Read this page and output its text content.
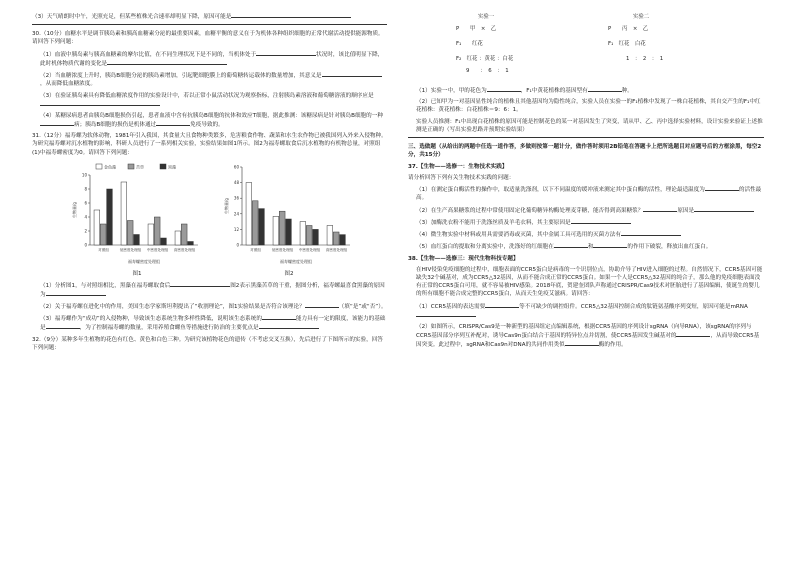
（3）天气晴朗时中午，光照充足，但某些植株光合速率却明显下降，原因可能是

30.（10分）血糖水平是调节胰岛素和胰高血糖素分泌的最重要因素，血糖平衡的意义在于为机体各种组织细胞的正常代谢活动提供能源物质。请回答下列问题：

（1）血液中胰岛素与胰高血糖素的摩尔比值，在不同生理状况下是不同的，当机体处于	状况时，该比值明显下降，此时机体物质代谢的变化是

（2）当血糖浓度上升时，胰岛B细胞分泌的胰岛素增加，引起靶细胞膜上的葡萄糖转运载体的数量增加，其意义是，从而降低血糖浓度。

（3）在验证胰岛素具有降低血糖浓度作用的实验设计中，若以正常小鼠活动状况为观察指标，注射胰岛素溶液和葡萄糖溶液的顺序应是

（4）某糖尿病患者由胰岛B细胞损伤引起，患者血液中含有抗胰岛B细胞的抗体和效应T细胞，据此推测：该糖尿病是针对胰岛B细胞的一种病；胰岛B细胞的损伤是机体通过	免疫导致的。

31.（12分）福寿螺为软体动物，1981年引入我国，其食量大且食物种类繁多，危害粮食作物、蔬菜和水生农作物已被我国列入外来入侵物种。为研究福寿螺对沉水植物的影响，科研人员进行了一系列相关实验，实验结果如图1所示。图2为福寿螺取食后沉水植物的有机物总量，对照组(1)中福寿螺密度为0。请回答下列问题：

0
2
4
6
8
10
生物量/g
对照组	低密度处理组 中密度处理组 高密度处理组
福寿螺密度处理组
金鱼藻	苦草	黑藻
图1
0
12
24
36
48
60
生物量/g
对照组	低密度处理组 中密度处理组 高密度处理组
福寿螺密度处理组
图2

（1）分析图1，与对照组相比，黑藻在福寿螺取食后	图2表示黑藻苦草的干重，据图分析，福寿螺最喜食黑藻的原因为

（2）关于福寿螺在进化中的作用，美国生态学家斯坦利提出了“收割理论”，图1实验结果是否符合该理论？	（填“是”或“否”）。

（3）福寿螺作为“成功”的入侵物种，导致该生态系统生物多样性降低，说明该生态系统的	能力具有一定的限度，该能力的基础是	，为了控制福寿螺的数量，采用养殖食螺鱼等措施进行防治的主要优点是

32.（9分）某种多年生植物的花色有红色、黄色和白色三种。为研究该植物花色的遗传（不考虑交叉互换），先后进行了下图所示的实验，回答下列问题：

实验一	实验二
P　　甲　×　乙	P　　丙　×　乙
F₁　　红花	F₁　红花　白花
F₂　红花 ：黄花 ：白花
9　　：　6　：　1
1　：　2　：　1

（1）实验一中，甲的花色为	，F₁中黄花植株的基因型有	种。

（2）已知甲为一对基因显性纯合的植株且其他基因均为隐性纯合，实验人员在实验一的F₁植株中发现了一株白花植株，其自交产生的F₁中红花植株：黄花植株：白花植株＝9：6：1。

实验人员推测：F₁中出现白花植株的原因可能是控制花色的某一对基因发生了突变，请从甲、乙、丙中选择实验材料，设计实验来验证上述推测是正确的（写出实验思路并预期实验结果）

三、选做题（从给出的两题中任选一道作答，多做则按第一题计分，做作答时须用2B铅笔在答题卡上把所选题目对应题号后的方框涂黑，每空2分，共15分）

37.【生物——选修一：生物技术实践】

请分析回答下列有关生物技术实践的问题：

（1）在测定蛋白酶活性的操作中，取适量洗涤剂，以下不同温度的缓冲液来测定其中蛋白酶的活性，理论最适温度为	的活性最高。

（2）在生产高果糖浆的过程中常使用固定化葡萄糖异构酶处理麦芽糖，能否得到高果糖浆？	原因是

（3）加酶洗衣粉不能用于洗涤丝质及羊毛衣料，其主要原因是

（4）微生物实验中材料或用具需要消毒或灭菌，其中金属工具可选用的灭菌方法有

（5）血红蛋白的提取和分离实验中，洗涤好的红细胞在	和	的作用下破裂，释放出血红蛋白。

38.【生物——选修三：现代生物科技专题】

在HIV侵染免疫细胞的过程中，细胞表面的CCR5蛋白是病毒的一个识别位点，协助介导了HIV进入细胞的过程。自然情况下，CCR5基因可能缺失32个碱基对，成为CCR5△32基因，从而不能合成正常的CCR5蛋白。如果一个人是CCR5△32基因的纯合子，那么他的免疫细胞表面没有正常的CCR5蛋白可用，就不容易被HIV感染。2018年底，贺建奎团队声称通过CRISPR/Cas9技术对胚胎进行了基因编辑，使诞生的婴儿的所有细胞不能合成完整的CCR5蛋白，从而天生免疫艾滋病。请回答：

（1）CCR5基因的表达需要	等不可缺少的调控组件。CCR5△32基因控制合成的肽链氨基酸序列变短，原因可能是mRNA

（2）如图所示，CRISPR/Cas9是一种新型的基因组定点编辑系统，根据CCR5基因的序列设计sgRNA（向导RNA），该sgRNA的序列与CCR5基因部分序列互补配对，诱导Cas9n蛋白结合于基因的特异位点并切割，使CCR5基因发生碱基对的	，从而导致CCR5基因突变。此过程中，sgRNA和Cas9n对DNA的共同作用类似	酶的作用。
